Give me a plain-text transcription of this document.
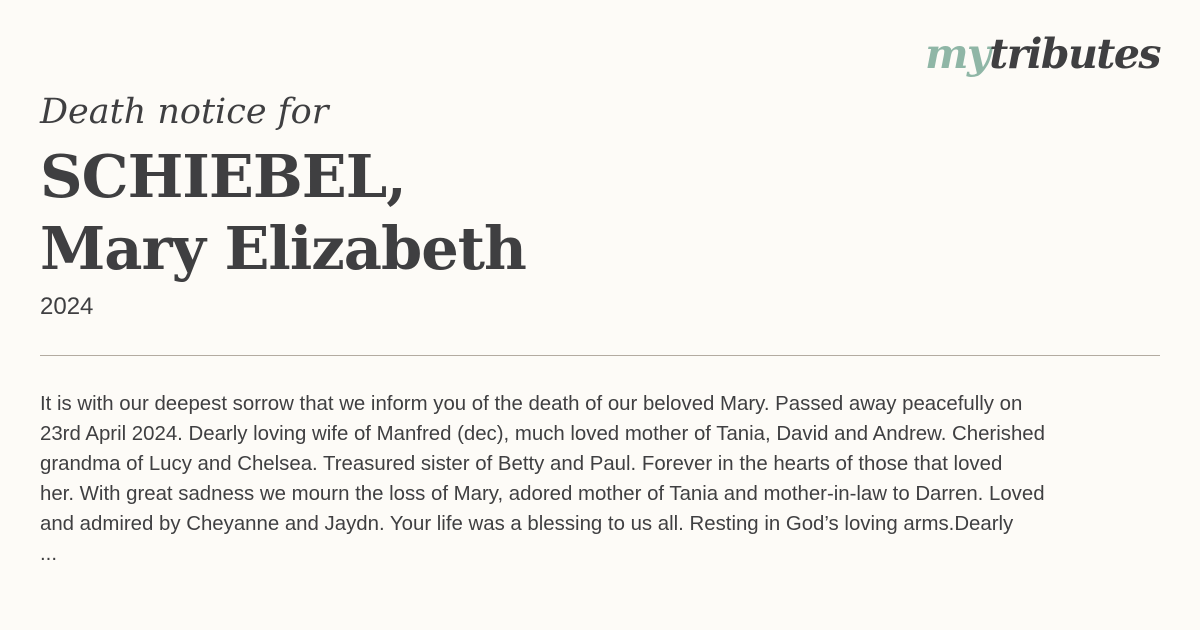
mytributes
Death notice for
SCHIEBEL,
Mary Elizabeth
2024

It is with our deepest sorrow that we inform you of the death of our beloved Mary. Passed away peacefully on
23rd April 2024. Dearly loving wife of Manfred (dec), much loved mother of Tania, David and Andrew. Cherished
grandma of Lucy and Chelsea. Treasured sister of Betty and Paul. Forever in the hearts of those that loved
her. With great sadness we mourn the loss of Mary, adored mother of Tania and mother-in-law to Darren. Loved
and admired by Cheyanne and Jaydn. Your life was a blessing to us all. Resting in God’s loving arms.Dearly
...
